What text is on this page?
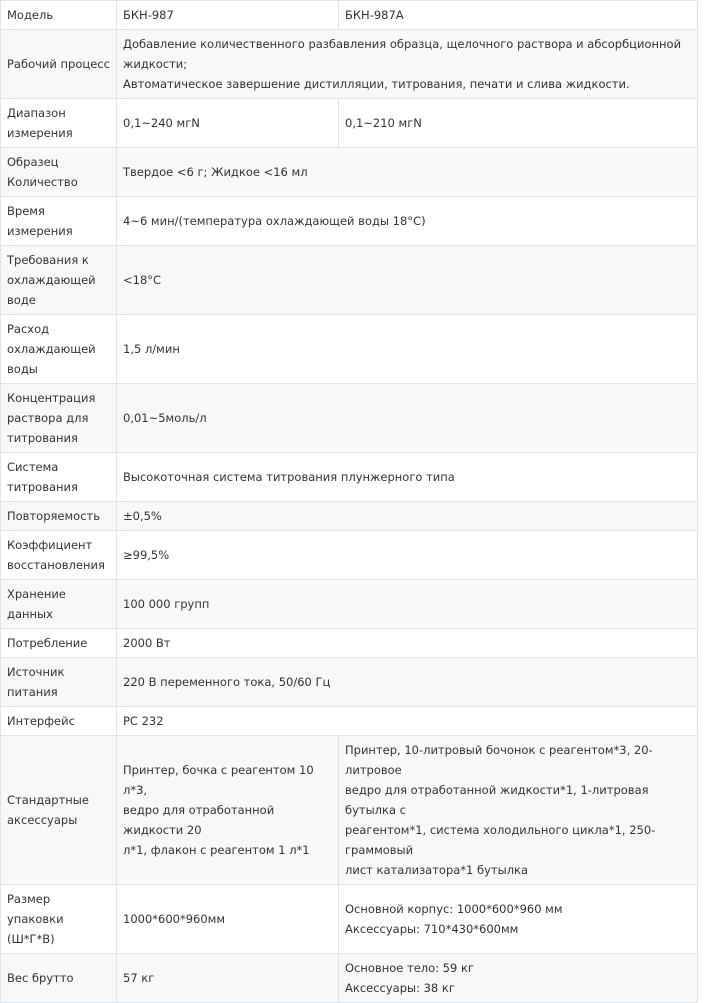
Модель	БКН-987	БКН-987А
Рабочий процесс	Добавление количественного разбавления образца, щелочного раствора и абсорбционной жидкости;
Автоматическое завершение дистилляции, титрования, печати и слива жидкости.	

Диапазон
измерения	0,1~240 мгN	0,1~210 мгN

Образец
Количество	Твердое <6 г; Жидкое <16 мл	
Время измерения	4~6 мин/(температура охлаждающей воды 18°C)	

Требования к
охлаждающей
воде	<18°C	

Расход
охлаждающей
воды	1,5 л/мин	

Концентрация
раствора для
титрования	0,01~5моль/л	

Система
титрования	Высокоточная система титрования плунжерного типа	
Повторяемость	±0,5%	

Коэффициент
восстановления	≥99,5%	
Хранение данных	100 000 групп	
Потребление	2000 Вт	
Источник питания	220 В переменного тока, 50/60 Гц	
Интерфейс	РС 232	

Стандартные
аксессуары	Принтер, бочка с реагентом 10 л*3,
ведро для отработанной жидкости 20
л*1, флакон с реагентом 1 л*1	Принтер, 10-литровый бочонок с реагентом*3, 20-литровое
ведро для отработанной жидкости*1, 1-литровая бутылка с
реагентом*1, система холодильного цикла*1, 250-граммовый
лист катализатора*1 бутылка

Размер упаковки
(Ш*Г*В)	1000*600*960мм	Основной корпус: 1000*600*960 мм
Аксессуары: 710*430*600мм

Вес брутто	57 кг	Основное тело: 59 кг
Аксессуары: 38 кг
